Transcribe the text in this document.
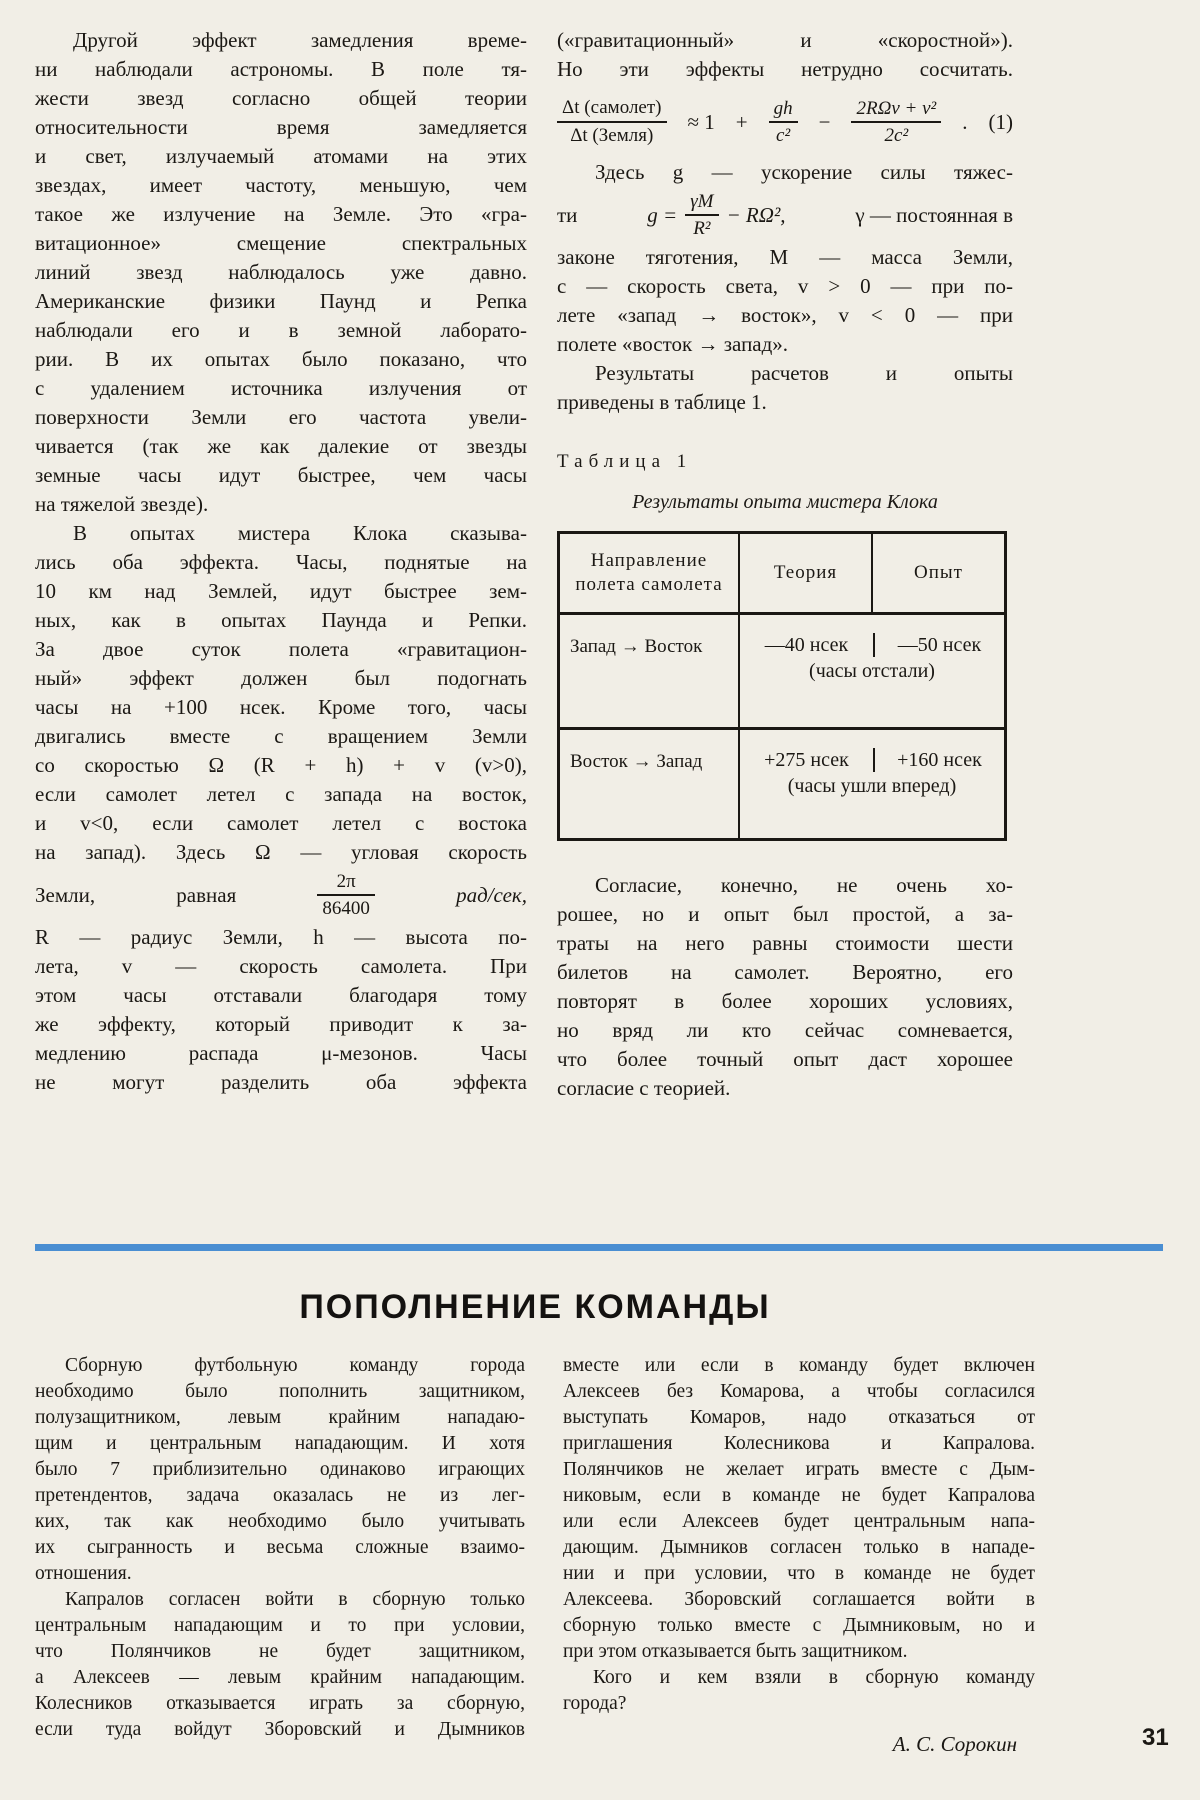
Другой эффект замедления време-
ни наблюдали астрономы. В поле тя-
жести звезд согласно общей теории
относительности время замедляется
и свет, излучаемый атомами на этих
звездах, имеет частоту, меньшую, чем
такое же излучение на Земле. Это «гра-
витационное» смещение спектральных
линий звезд наблюдалось уже давно.
Американские физики Паунд и Репка
наблюдали его и в земной лаборато-
рии. В их опытах было показано, что
с удалением источника излучения от
поверхности Земли его частота увели-
чивается (так же как далекие от звезды
земные часы идут быстрее, чем часы
на тяжелой звезде).
В опытах мистера Клока сказыва-
лись оба эффекта. Часы, поднятые на
10 км над Землей, идут быстрее зем-
ных, как в опытах Паунда и Репки.
За двое суток полета «гравитацион-
ный» эффект должен был подогнать
часы на +100 нсек. Кроме того, часы
двигались вместе с вращением Земли
со скоростью Ω (R + h) + v (v>0),
если самолет летел с запада на восток,
и v<0, если самолет летел с востока
на запад). Здесь Ω — угловая скорость
Земли,	равная	$\frac{2\pi}{86400}$	рад/сек,
R — радиус Земли, h — высота по-
лета, v — скорость самолета. При
этом часы отставали благодаря тому
же эффекту, который приводит к за-
медлению распада μ-мезонов. Часы
не могут разделить оба эффекта
(«гравитационный» и «скоростной»).
Но эти эффекты нетрудно сосчитать.
$\frac{\text{Δt (самолет)}}{\text{Δt (Земля)}} \approx 1 + \frac{gh}{\text{c²}} - \frac{\text{2RΩv + v²}}{\text{2c²}}$ . (1)
Здесь g — ускорение силы тяжес-
ти	$g = \frac{\gamma M}{\text{R²}} - R\Omega^2$,	γ — постоянная в
законе тяготения, M — масса Земли,
c — скорость света, v > 0 — при по-
лете «запад → восток», v < 0 — при
полете «восток → запад».
Результаты расчетов и опыты
приведены в таблице 1.
Таблица 1
Результаты опыта мистера Клока
Направление полета самолета
Теория	Опыт
Запад → Восток	—40 нсек	—50 нсек
(часы отстали)
Восток → Запад	+275 нсек	+160 нсек
(часы ушли вперед)
Согласие, конечно, не очень хо-
рошее, но и опыт был простой, а за-
траты на него равны стоимости шести
билетов на самолет. Вероятно, его
повторят в более хороших условиях,
но вряд ли кто сейчас сомневается,
что более точный опыт даст хорошее
согласие с теорией.
ПОПОЛНЕНИЕ КОМАНДЫ
Сборную футбольную команду города
необходимо было пополнить защитником,
полузащитником, левым крайним нападаю-
щим и центральным нападающим. И хотя
было 7 приблизительно одинаково играющих
претендентов, задача оказалась не из лег-
ких, так как необходимо было учитывать
их сыгранность и весьма сложные взаимо-
отношения.
Капралов согласен войти в сборную только
центральным нападающим и то при условии,
что Полянчиков не будет защитником,
а Алексеев — левым крайним нападающим.
Колесников отказывается играть за сборную,
если туда войдут Зборовский и Дымников
вместе или если в команду будет включен
Алексеев без Комарова, а чтобы согласился
выступать Комаров, надо отказаться от
приглашения Колесникова и Капралова.
Полянчиков не желает играть вместе с Дым-
никовым, если в команде не будет Капралова
или если Алексеев будет центральным напа-
дающим. Дымников согласен только в нападе-
нии и при условии, что в команде не будет
Алексеева. Зборовский соглашается войти в
сборную только вместе с Дымниковым, но и
при этом отказывается быть защитником.
Кого и кем взяли в сборную команду
города?
А. С. Сорокин	31
